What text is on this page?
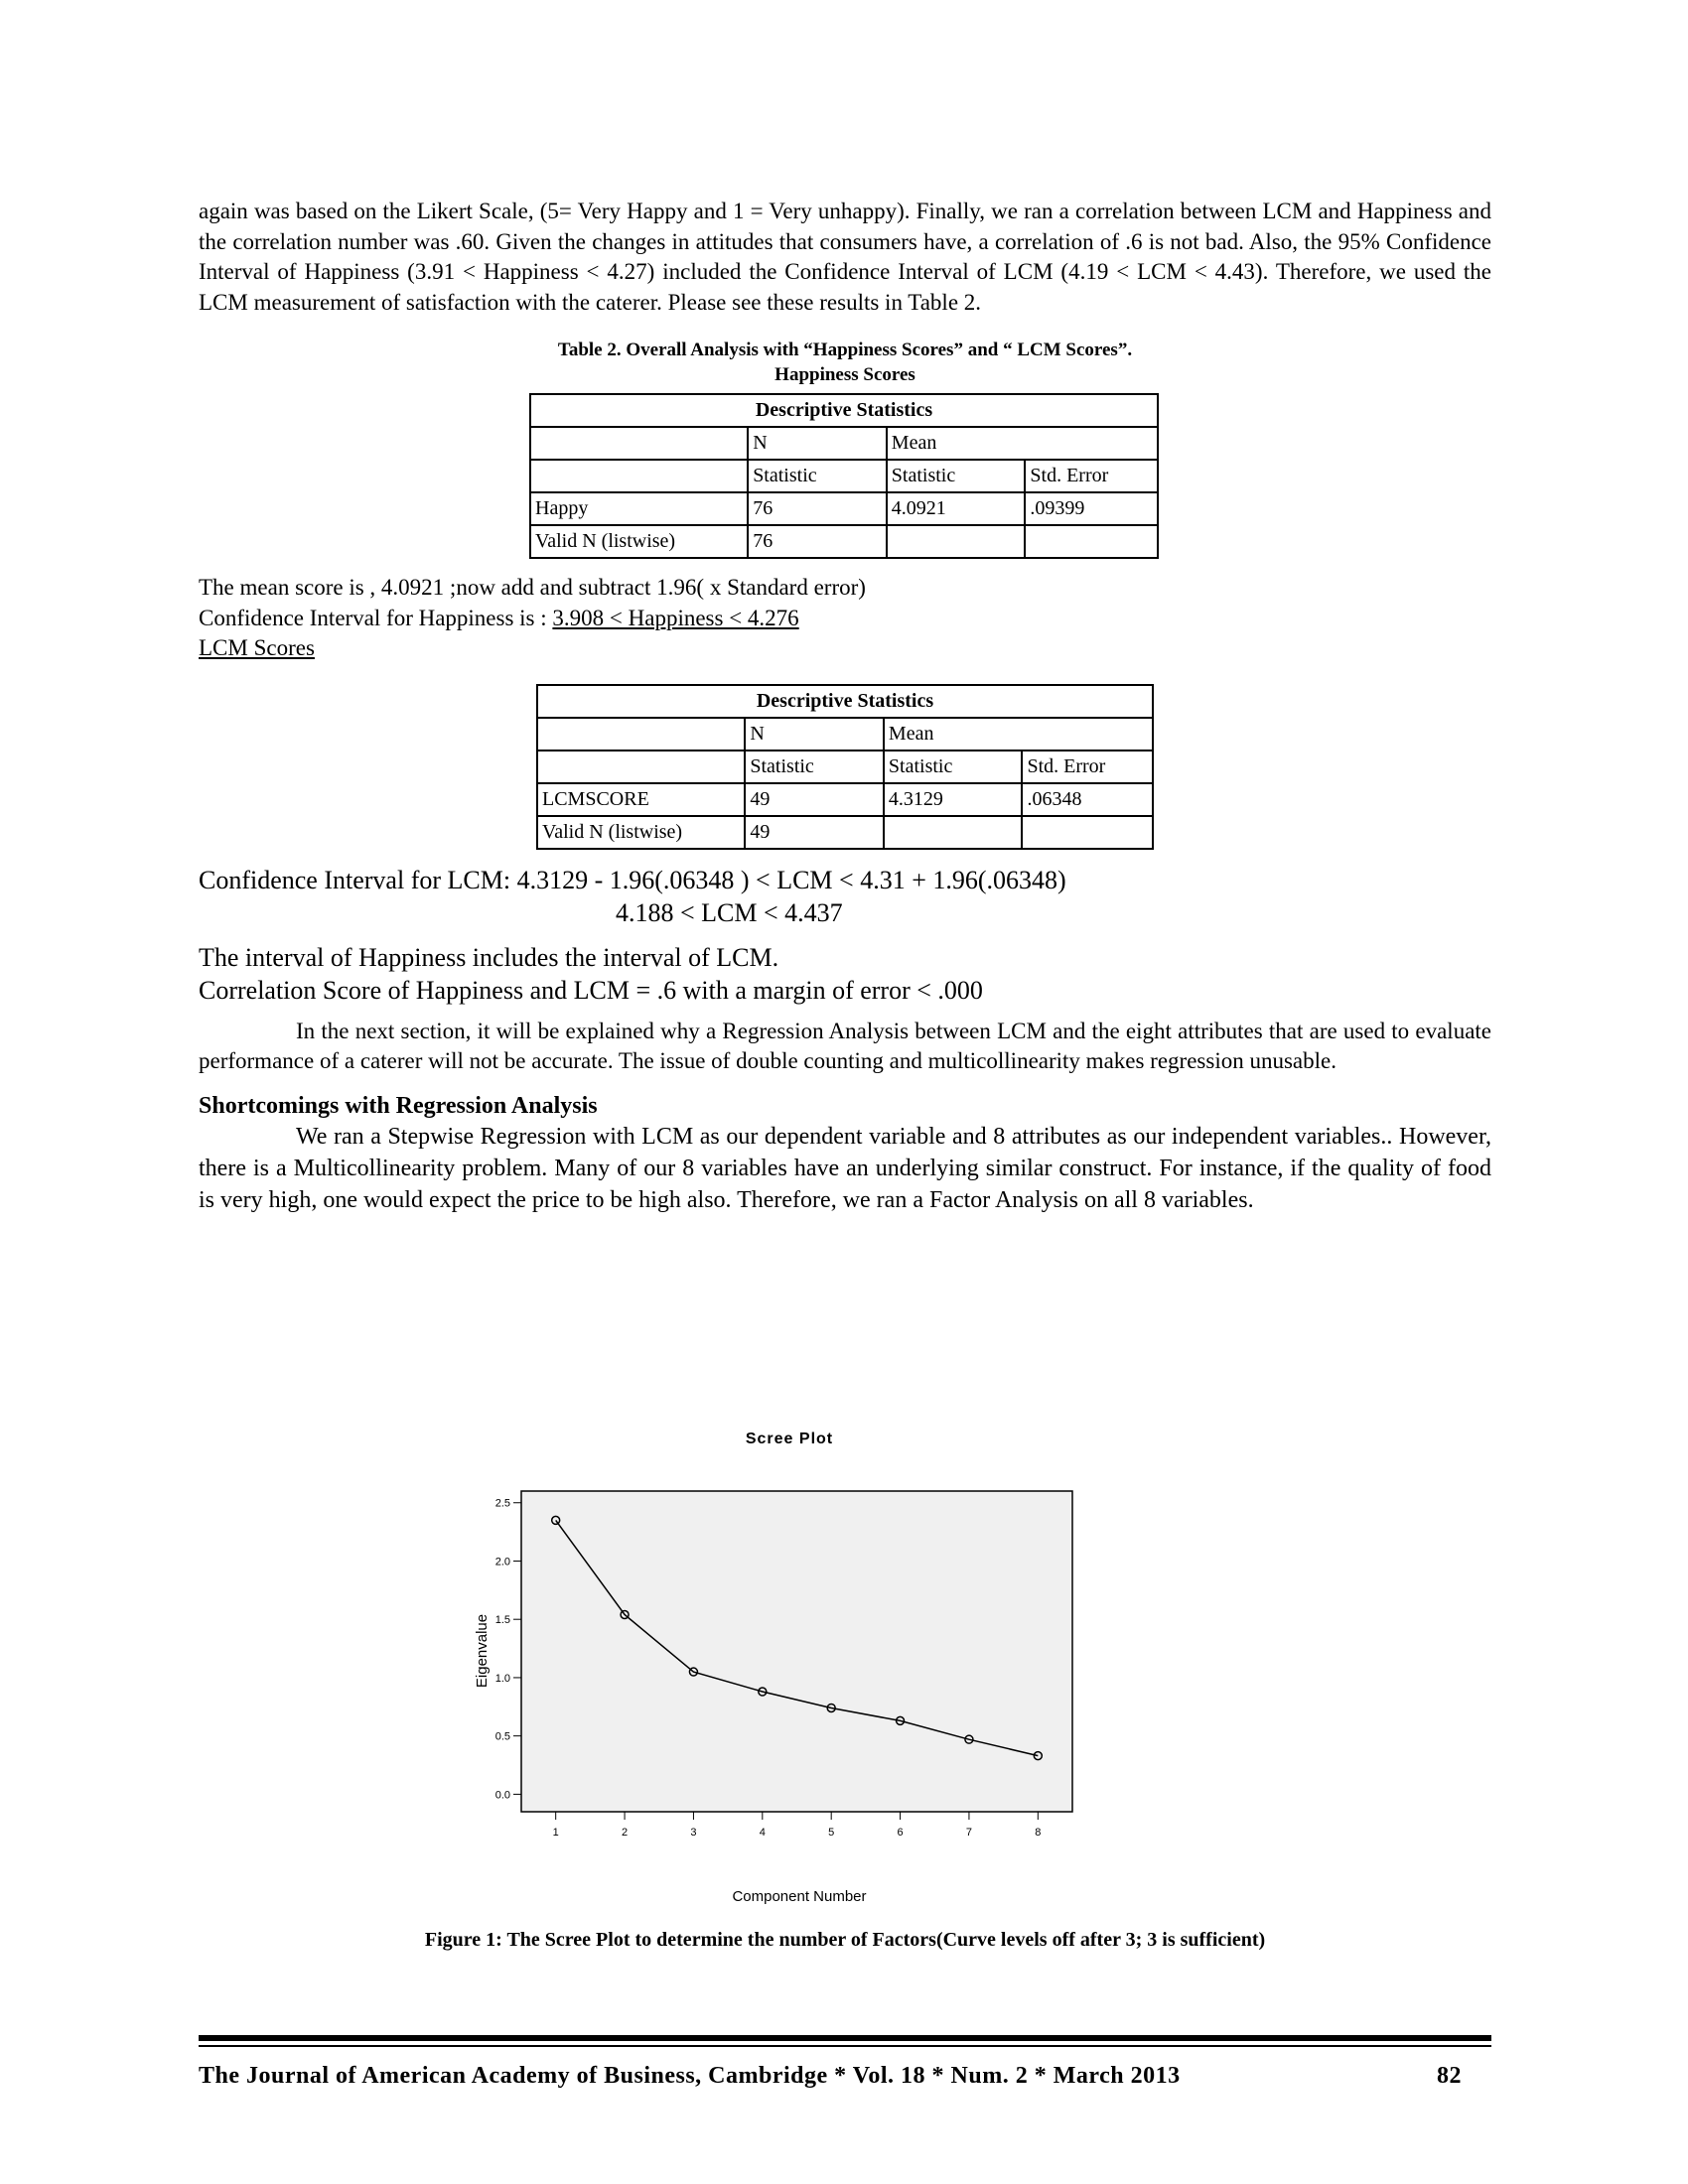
again was based on the Likert Scale, (5= Very Happy and 1 = Very unhappy). Finally, we ran a correlation between LCM and Happiness and the correlation number was .60. Given the changes in attitudes that consumers have, a correlation of .6 is not bad. Also, the 95% Confidence Interval of Happiness (3.91 < Happiness < 4.27) included the Confidence Interval of LCM (4.19 < LCM < 4.43). Therefore, we used the LCM measurement of satisfaction with the caterer. Please see these results in Table 2.

Table 2. Overall Analysis with “Happiness Scores” and “ LCM Scores”.

Happiness Scores

Descriptive Statistics			
	N	Mean	
	Statistic	Statistic	Std. Error
Happy	76	4.0921	.09399
Valid N (listwise)	76		

The mean score is , 4.0921 ;now add and subtract 1.96( x Standard error)

Confidence Interval for Happiness is : 3.908 < Happiness < 4.276

LCM Scores

Descriptive Statistics			
	N	Mean	
	Statistic	Statistic	Std. Error
LCMSCORE	49	4.3129	.06348
Valid N (listwise)	49		

Confidence Interval for LCM: 4.3129 - 1.96(.06348 ) < LCM < 4.31 + 1.96(.06348)

4.188 < LCM < 4.437

The interval of Happiness includes the interval of LCM.

Correlation Score of Happiness and LCM = .6 with a margin of error < .000

In the next section, it will be explained why a Regression Analysis between LCM and the eight attributes that are used to evaluate performance of a caterer will not be accurate. The issue of double counting and multicollinearity makes regression unusable.

Shortcomings with Regression Analysis

We ran a Stepwise Regression with LCM as our dependent variable and 8 attributes as our independent variables.. However, there is a Multicollinearity problem. Many of our 8 variables have an underlying similar construct. For instance, if the quality of food is very high, one would expect the price to be high also. Therefore, we ran a Factor Analysis on all 8 variables.

Scree Plot
0.0
0.5
1.0
1.5
2.0
2.5
1	2	3	4	5	6	7	8
Eigenvalue
Component Number

Figure 1: The Scree Plot to determine the number of Factors(Curve levels off after 3; 3 is sufficient)

The Journal of American Academy of Business, Cambridge * Vol. 18 * Num. 2 * March 2013	82
